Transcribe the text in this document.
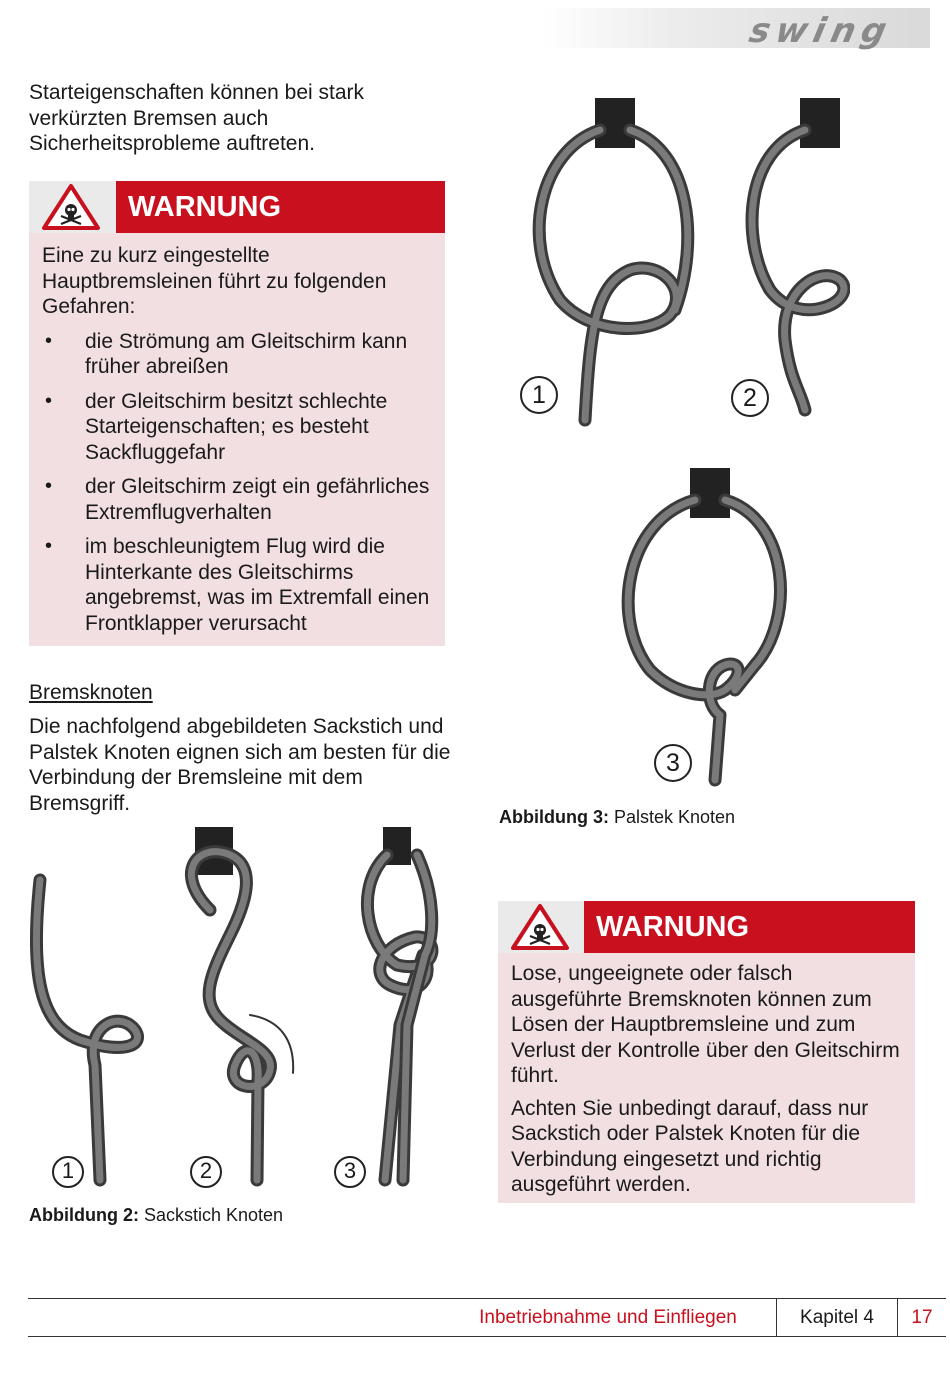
swing
Starteigenschaften können bei stark verkürzten Bremsen auch Sicherheitsprobleme auftreten.
WARNUNG
Eine zu kurz eingestellte Hauptbremsleinen führt zu folgenden Gefahren:
• die Strömung am Gleitschirm kann früher abreißen
• der Gleitschirm besitzt schlechte Starteigenschaften; es besteht Sackfluggefahr
• der Gleitschirm zeigt ein gefährliches Extremflugverhalten
• im beschleunigtem Flug wird die Hinterkante des Gleitschirms angebremst, was im Extremfall einen Frontklapper verursacht
Bremsknoten
Die nachfolgend abgebildeten Sackstich und Palstek Knoten eignen sich am besten für die Verbindung der Bremsleine mit dem Bremsgriff.
1	2	3
Abbildung 2: Sackstich Knoten
1	2
3
Abbildung 3: Palstek Knoten
WARNUNG
Lose, ungeeignete oder falsch ausgeführte Bremsknoten können zum Lösen der Hauptbremsleine und zum Verlust der Kontrolle über den Gleitschirm führt.
Achten Sie unbedingt darauf, dass nur Sackstich oder Palstek Knoten für die Verbindung eingesetzt und richtig ausgeführt werden.
Inbetriebnahme und Einfliegen	Kapitel 4	17
